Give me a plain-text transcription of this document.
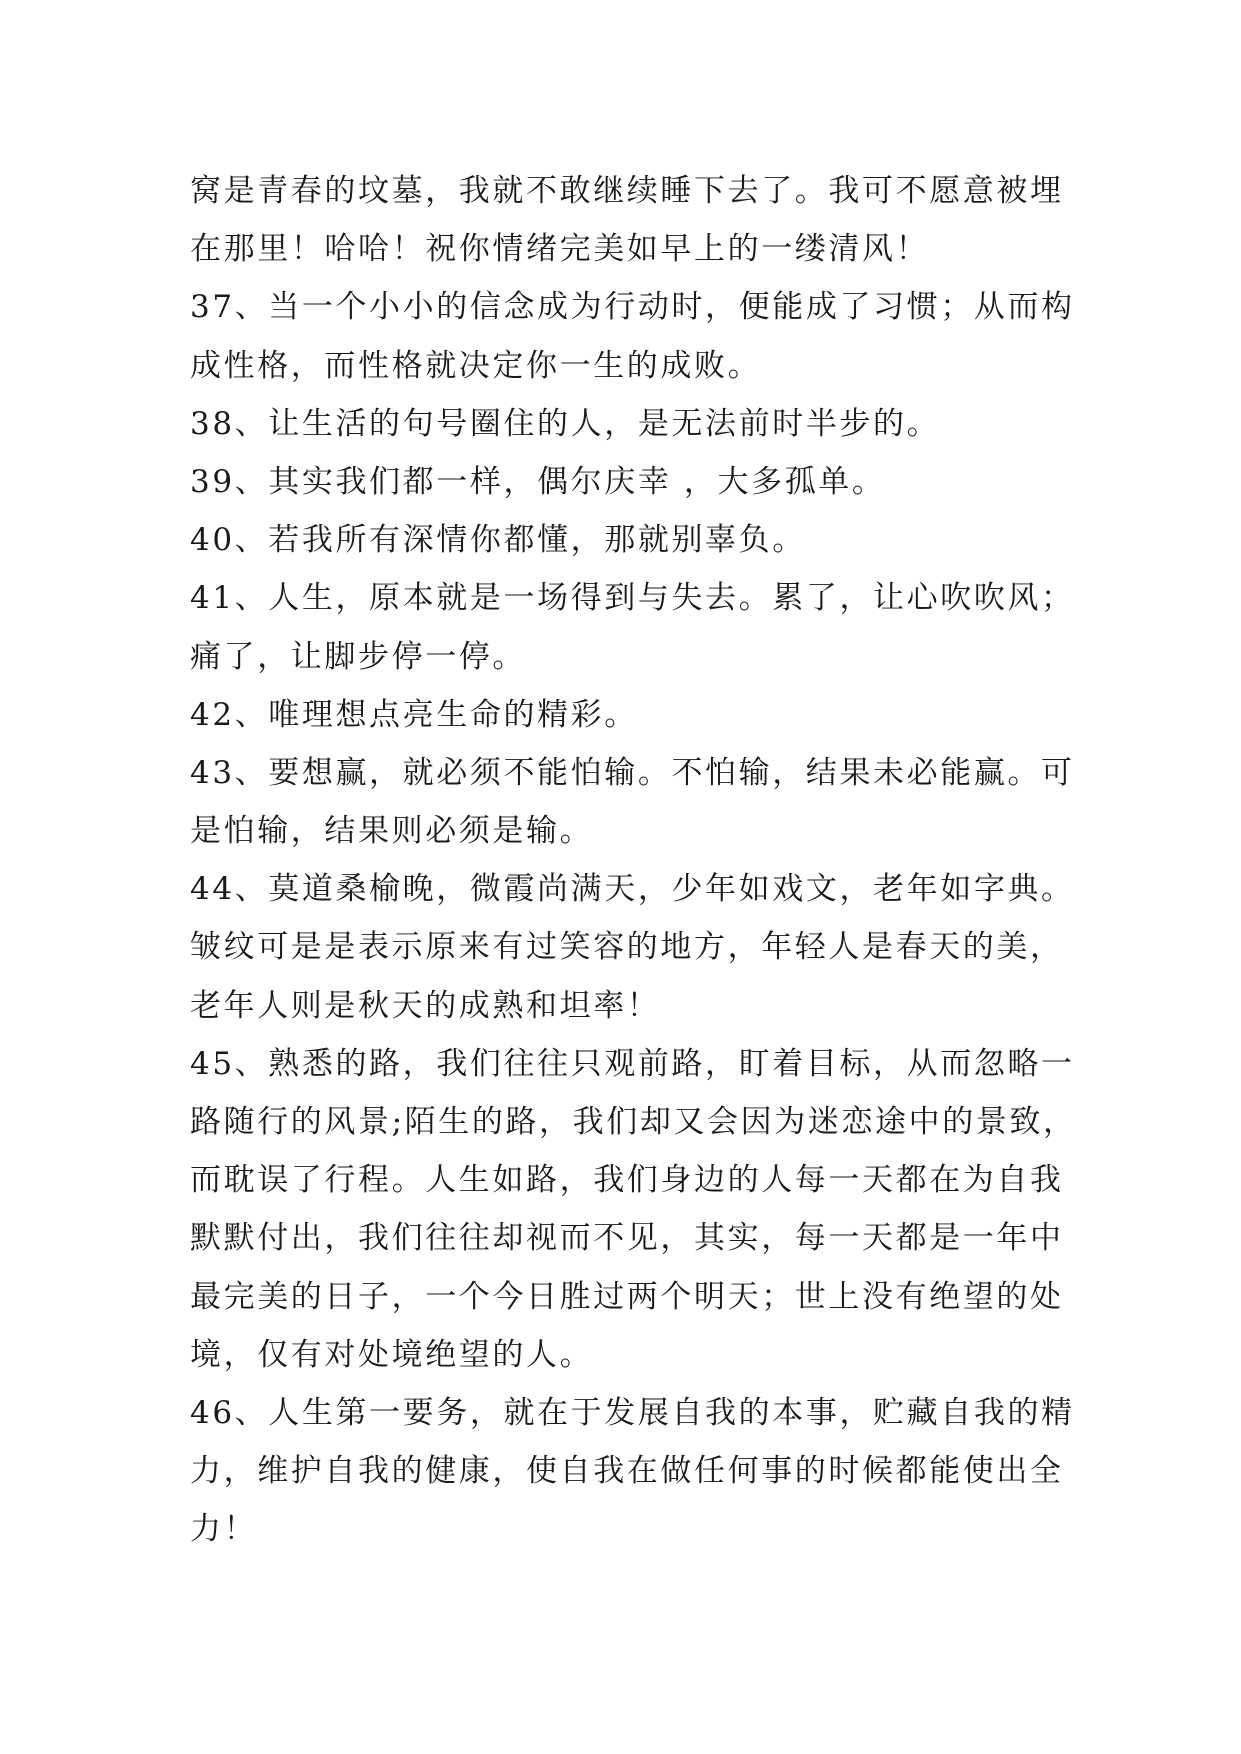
窝是青春的坟墓，我就不敢继续睡下去了。我可不愿意被埋
在那里！哈哈！祝你情绪完美如早上的一缕清风！
37、当一个小小的信念成为行动时，便能成了习惯；从而构
成性格，而性格就决定你一生的成败。
38、让生活的句号圈住的人，是无法前时半步的。
39、其实我们都一样，偶尔庆幸 ，大多孤单。
40、若我所有深情你都懂，那就别辜负。
41、人生，原本就是一场得到与失去。累了，让心吹吹风；
痛了，让脚步停一停。
42、唯理想点亮生命的精彩。
43、要想赢，就必须不能怕输。不怕输，结果未必能赢。可
是怕输，结果则必须是输。
44、莫道桑榆晚，微霞尚满天，少年如戏文，老年如字典。
皱纹可是是表示原来有过笑容的地方，年轻人是春天的美，
老年人则是秋天的成熟和坦率！
45、熟悉的路，我们往往只观前路，盯着目标，从而忽略一
路随行的风景;陌生的路，我们却又会因为迷恋途中的景致，
而耽误了行程。人生如路，我们身边的人每一天都在为自我
默默付出，我们往往却视而不见，其实，每一天都是一年中
最完美的日子，一个今日胜过两个明天；世上没有绝望的处
境，仅有对处境绝望的人。
46、人生第一要务，就在于发展自我的本事，贮藏自我的精
力，维护自我的健康，使自我在做任何事的时候都能使出全
力！
